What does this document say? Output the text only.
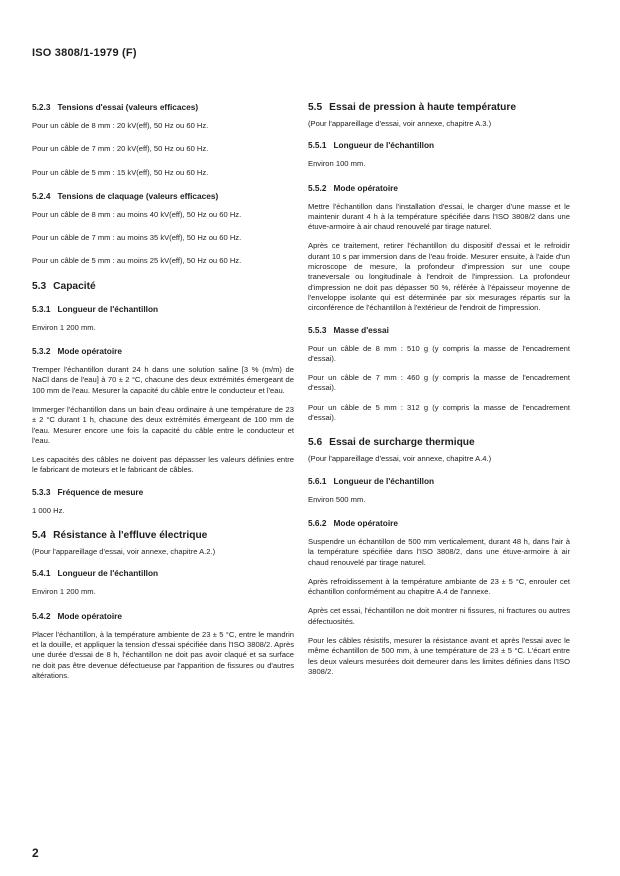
ISO 3808/1-1979 (F)
5.2.3 Tensions d'essai (valeurs efficaces)
Pour un câble de 8 mm : 20 kV(eff), 50 Hz ou 60 Hz.
Pour un câble de 7 mm : 20 kV(eff), 50 Hz ou 60 Hz.
Pour un câble de 5 mm : 15 kV(eff), 50 Hz ou 60 Hz.
5.2.4 Tensions de claquage (valeurs efficaces)
Pour un câble de 8 mm : au moins 40 kV(eff), 50 Hz ou 60 Hz.
Pour un câble de 7 mm : au moins 35 kV(eff), 50 Hz ou 60 Hz.
Pour un câble de 5 mm : au moins 25 kV(eff), 50 Hz ou 60 Hz.
5.3 Capacité
5.3.1 Longueur de l'échantillon
Environ 1 200 mm.
5.3.2 Mode opératoire
Tremper l'échantillon durant 24 h dans une solution saline [3 % (m/m) de NaCl dans de l'eau] à 70 ± 2 °C, chacune des deux extrémités émergeant de 100 mm de l'eau. Mesurer la capacité du câble entre le conducteur et l'eau.
Immerger l'échantillon dans un bain d'eau ordinaire à une température de 23 ± 2 °C durant 1 h, chacune des deux extrémités émergeant de 100 mm de l'eau. Mesurer encore une fois la capacité du câble entre le conducteur et l'eau.
Les capacités des câbles ne doivent pas dépasser les valeurs définies entre le fabricant de moteurs et le fabricant de câbles.
5.3.3 Fréquence de mesure
1 000 Hz.
5.4 Résistance à l'effluve électrique
(Pour l'appareillage d'essai, voir annexe, chapitre A.2.)
5.4.1 Longueur de l'échantillon
Environ 1 200 mm.
5.4.2 Mode opératoire
Placer l'échantillon, à la température ambiente de 23 ± 5 °C, entre le mandrin et la douille, et appliquer la tension d'essai spécifiée dans l'ISO 3808/2. Après une durée d'essai de 8 h, l'échantillon ne doit pas avoir claqué et sa surface ne doit pas être devenue défectueuse par l'apparition de fissures ou d'autres altérations.
5.5 Essai de pression à haute température
(Pour l'appareillage d'essai, voir annexe, chapitre A.3.)
5.5.1 Longueur de l'échantillon
Environ 100 mm.
5.5.2 Mode opératoire
Mettre l'échantillon dans l'installation d'essai, le charger d'une masse et le maintenir durant 4 h à la température spécifiée dans l'ISO 3808/2 dans une étuve-armoire à air chaud renouvelé par tirage naturel.
Après ce traitement, retirer l'échantillon du dispositif d'essai et le refroidir durant 10 s par immersion dans de l'eau froide. Mesurer ensuite, à l'aide d'un microscope de mesure, la profondeur d'impression sur une coupe traneversale ou longitudinale à l'endroit de l'impression. La profondeur d'impression ne doit pas dépasser 50 %, référée à l'épaisseur moyenne de l'enveloppe isolante qui est déterminée par six mesurages répartis sur la circonférence de l'échantillon à l'extérieur de l'endroit de l'impression.
5.5.3 Masse d'essai
Pour un câble de 8 mm : 510 g (y compris la masse de l'encadrement d'essai).
Pour un câble de 7 mm : 460 g (y compris la masse de l'encadrement d'essai).
Pour un câble de 5 mm : 312 g (y compris la masse de l'encadrement d'essai).
5.6 Essai de surcharge thermique
(Pour l'appareillage d'essai, voir annexe, chapitre A.4.)
5.6.1 Longueur de l'échantillon
Environ 500 mm.
5.6.2 Mode opératoire
Suspendre un échantillon de 500 mm verticalement, durant 48 h, dans l'air à la température spécifiée dans l'ISO 3808/2, dans une étuve-armoire à air chaud renouvelé par tirage naturel.
Après refroidissement à la température ambiante de 23 ± 5 °C, enrouler cet échantillon conformément au chapitre A.4 de l'annexe.
Après cet essai, l'échantillon ne doit montrer ni fissures, ni fractures ou autres défectuosités.
Pour les câbles résistifs, mesurer la résistance avant et après l'essai avec le même échantillon de 500 mm, à une température de 23 ± 5 °C. L'écart entre les deux valeurs mesurées doit demeurer dans les limites définies dans l'ISO 3808/2.
2
